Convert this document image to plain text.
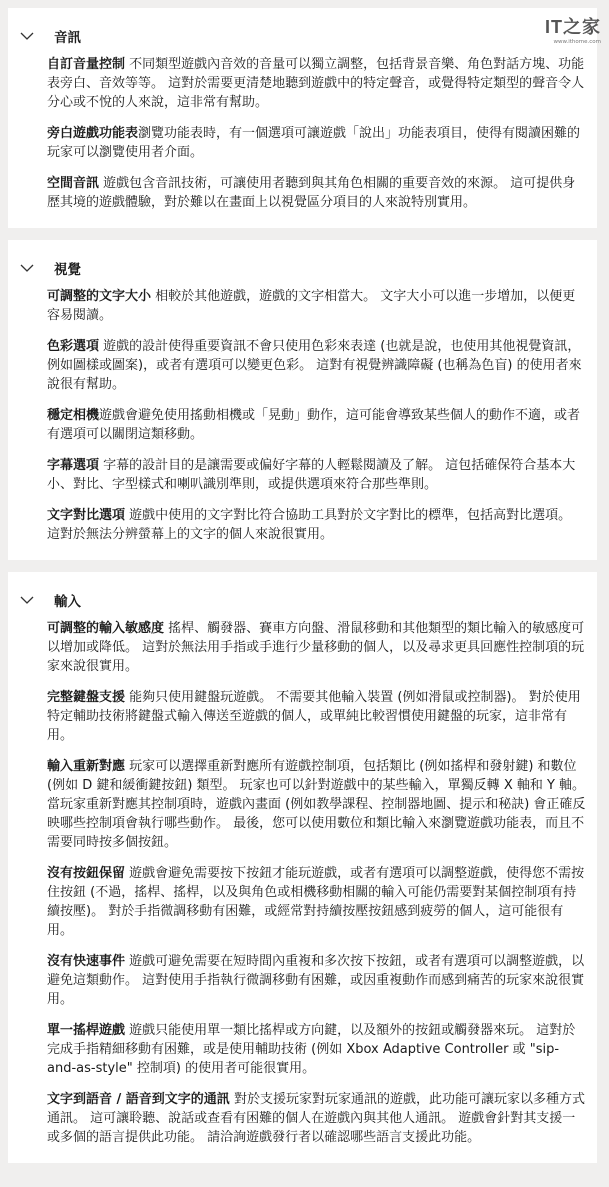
音訊
自訂音量控制 不同類型遊戲內音效的音量可以獨立調整，包括背景音樂、角色對話方塊、功能表旁白、音效等等。 這對於需要更清楚地聽到遊戲中的特定聲音，或覺得特定類型的聲音令人分心或不悅的人來說，這非常有幫助。
旁白遊戲功能表瀏覽功能表時，有一個選項可讓遊戲「說出」功能表項目，使得有閱讀困難的玩家可以瀏覽使用者介面。
空間音訊 遊戲包含音訊技術，可讓使用者聽到與其角色相關的重要音效的來源。 這可提供身歷其境的遊戲體驗，對於難以在畫面上以視覺區分項目的人來說特別實用。
視覺
可調整的文字大小 相較於其他遊戲，遊戲的文字相當大。 文字大小可以進一步增加，以便更容易閱讀。
色彩選項 遊戲的設計使得重要資訊不會只使用色彩來表達 (也就是說，也使用其他視覺資訊，例如圖樣或圖案)，或者有選項可以變更色彩。 這對有視覺辨識障礙 (也稱為色盲) 的使用者來說很有幫助。
穩定相機遊戲會避免使用搖動相機或「晃動」動作，這可能會導致某些個人的動作不適，或者有選項可以關閉這類移動。
字幕選項 字幕的設計目的是讓需要或偏好字幕的人輕鬆閱讀及了解。 這包括確保符合基本大小、對比、字型樣式和喇叭識別準則，或提供選項來符合那些準則。
文字對比選項 遊戲中使用的文字對比符合協助工具對於文字對比的標準，包括高對比選項。 這對於無法分辨螢幕上的文字的個人來說很實用。
輸入
可調整的輸入敏感度 搖桿、觸發器、賽車方向盤、滑鼠移動和其他類型的類比輸入的敏感度可以增加或降低。 這對於無法用手指或手進行少量移動的個人，以及尋求更具回應性控制項的玩家來說很實用。
完整鍵盤支援 能夠只使用鍵盤玩遊戲。 不需要其他輸入裝置 (例如滑鼠或控制器)。 對於使用特定輔助技術將鍵盤式輸入傳送至遊戲的個人，或單純比較習慣使用鍵盤的玩家，這非常有用。
輸入重新對應 玩家可以選擇重新對應所有遊戲控制項，包括類比 (例如搖桿和發射鍵) 和數位 (例如 D 鍵和緩衝鍵按鈕) 類型。 玩家也可以針對遊戲中的某些輸入，單獨反轉 X 軸和 Y 軸。 當玩家重新對應其控制項時，遊戲內畫面 (例如教學課程、控制器地圖、提示和秘訣) 會正確反映哪些控制項會執行哪些動作。 最後，您可以使用數位和類比輸入來瀏覽遊戲功能表，而且不需要同時按多個按鈕。
沒有按鈕保留 遊戲會避免需要按下按鈕才能玩遊戲，或者有選項可以調整遊戲，使得您不需按住按鈕 (不過，搖桿、搖桿，以及與角色或相機移動相關的輸入可能仍需要對某個控制項有持續按壓)。 對於手指微調移動有困難，或經常對持續按壓按鈕感到疲勞的個人，這可能很有用。
沒有快速事件 遊戲可避免需要在短時間內重複和多次按下按鈕，或者有選項可以調整遊戲，以避免這類動作。 這對使用手指執行微調移動有困難，或因重複動作而感到痛苦的玩家來說很實用。
單一搖桿遊戲 遊戲只能使用單一類比搖桿或方向鍵，以及額外的按鈕或觸發器來玩。 這對於完成手指精細移動有困難，或是使用輔助技術 (例如 Xbox Adaptive Controller 或 "sip-and-as-style" 控制項) 的使用者可能很實用。
文字到語音 / 語音到文字的通訊 對於支援玩家對玩家通訊的遊戲，此功能可讓玩家以多種方式通訊。 這可讓聆聽、說話或查看有困難的個人在遊戲內與其他人通訊。 遊戲會針對其支援一或多個的語言提供此功能。 請洽詢遊戲發行者以確認哪些語言支援此功能。
IT之家
www.ithome.com
